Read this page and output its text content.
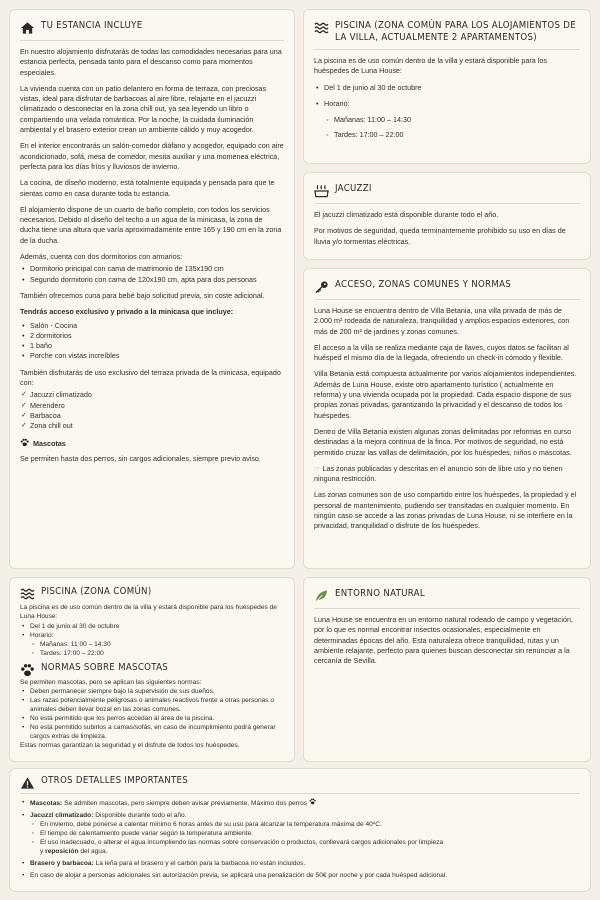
TU ESTANCIA INCLUYE

En nuestro alojamiento disfrutarás de todas las comodidades necesarias para una estancia perfecta, pensada tanto para el descanso como para momentos especiales.

La vivienda cuenta con un patio delantero en forma de terraza, con preciosas vistas, ideal para disfrutar de barbacoas al aire libre, relajarte en el jacuzzi climatizado o desconectar en la zona chill out, ya sea leyendo un libro o compartiendo una velada romántica. Por la noche, la cuidada iluminación ambiental y el brasero exterior crean un ambiente cálido y muy acogedor.

En el interior encontrarás un salón-comedor diáfano y acogedor, equipado con aire acondicionado, sofá, mesa de comedor, mesita auxiliar y una momenea eléctrica, perfecta para los días fríos y lluviosos de invierno.

La cocina, de diseño moderno, está totalmente equipada y pensada para que te sientas como en casa durante toda tu estancia.

El alojamiento dispone de un cuarto de baño completo, con todos los servicios necesarios. Debido al diseño del techo a un agua de la minicasa, la zona de ducha tiene una altura que varía aproximadamente entre 165 y 190 cm en la zona de la ducha.

Además, cuenta con dos dormitorios con armarios:

• Dormitorio principal con cama de matrimonio de 135x190 cm
• Segundo dormitorio con cama de 120x190 cm, apta para dos personas

También ofrecemos cuna para bebé bajo solicitud previa, sin coste adicional.

Tendrás acceso exclusivo y privado a la minicasa que incluye:

• Salón - Cocina
• 2 dormitorios
• 1 baño
• Porche con vistas increíbles

También disfrutarás de uso exclusivo del terraza privada de la minicasa, equipado con:

✓ Jacuzzi climatizado
✓ Merendero
✓ Barbacoa
✓ Zona chill out
Mascotas

Se permiten hasta dos perros, sin cargos adicionales, siempre previo aviso.

PISCINA (ZONA COMÚN PARA LOS ALOJAMIENTOS DE LA VILLA, ACTUALMENTE 2 APARTAMENTOS)

La piscina es de uso común dentro de la villa y estará disponible para los huéspedes de Luna House:

• Del 1 de junio al 30 de octubre
• Horario:
◦ Mañanas: 11:00 – 14:30
◦ Tardes: 17:00 – 22:00
JACUZZI

El jacuzzi climatizado está disponible durante todo el año.

Por motivos de seguridad, queda terminantemente prohibido su uso en días de lluvia y/o tormentas eléctricas.

ACCESO, ZONAS COMUNES Y NORMAS

Luna House se encuentra dentro de Villa Betania, una villa privada de más de 2.000 m² rodeada de naturaleza, tranquilidad y amplios espacios exteriores, con más de 200 m² de jardines y zonas comunes.

El acceso a la villa se realiza mediante caja de llaves, cuyos datos se facilitan al huésped el mismo día de la llegada, ofreciendo un check-in cómodo y flexible.

Villa Betania está compuesta actualmente por varios alojamientos independientes. Además de Luna House, existe otro apartamento turístico ( actualmente en reforma) y una vivienda ocupada por la propiedad. Cada espacio dispone de sus propias zonas privadas, garantizando la privacidad y el descanso de todos los huéspedes.

Dentro de Villa Betania existen algunas zonas delimitadas por reformas en curso destinadas a la mejora continua de la finca. Por motivos de seguridad, no está permitido cruzar las vallas de delimitación, por los huéspedes, niños o mascotas.

☞ Las zonas publicadas y descritas en el anuncio son de libre uso y no tienen ninguna restricción.

Las zonas comunes son de uso compartido entre los huéspedes, la propiedad y el personal de mantenimiento, pudiendo ser transitadas en cualquier momento. En ningún caso se accede a las zonas privadas de Luna House, ni se interfiere en la privacidad, tranquilidad o disfrute de los huéspedes.

PISCINA (ZONA COMÚN)

La piscina es de uso común dentro de la villa y estará disponible para los huéspedes de Luna House:

• Del 1 de junio al 30 de octubre
• Horario:
◦ Mañanas: 11:00 – 14:30
◦ Tardes: 17:00 – 22:00
NORMAS SOBRE MASCOTAS

Se permiten mascotas, pero se aplican las siguientes normas:

• Deben permanecer siempre bajo la supervisión de sus dueños.
• Las razas potencialmente peligrosas o animales reactivos frente a otras personas o animales deben llevar bozal en las zonas comunes.
• No está permitido que los perros accedan al área de la piscina.
• No está permitido subirlos a camas/sofás, en caso de incumplimiento podrá generar cargos extras de limpieza.

Estas normas garantizan la seguridad y el disfrute de todos los huéspedes.

ENTORNO NATURAL

Luna House se encuentra en un entorno natural rodeado de campo y vegetación, por lo que es normal encontrar insectos ocasionales, especialmente en determinadas épocas del año. Esta naturaleza ofrece tranquilidad, rutas y un ambiente relajante, perfecto para quienes buscan desconectar sin renunciar a la cercanía de Sevilla.

OTROS DETALLES IMPORTANTES
• Mascotas: Se admiten mascotas, pero siempre deben avisar previamente. Máximo dos perros
• Jacuzzi climatizado: Disponible durante todo el año.
◦ En invierno, debe ponerse a calentar mínimo 6 horas antes de su uso para alcanzar la temperatura máxima de 40ºC.
◦ El tiempo de calentamiento puede variar según la temperatura ambiente.
◦ El uso inadecuado, o alterar el agua incumpliendo las normas sobre conservación o productos, conllevará cargos adicionales por limpieza
y reposición del agua.
• Brasero y barbacoa: La leña para el brasero y el carbón para la barbacoa no están incluidos.
• En caso de alojar a personas adicionales sin autorización previa, se aplicará una penalización de 50€ por noche y por cada huésped adicional.
